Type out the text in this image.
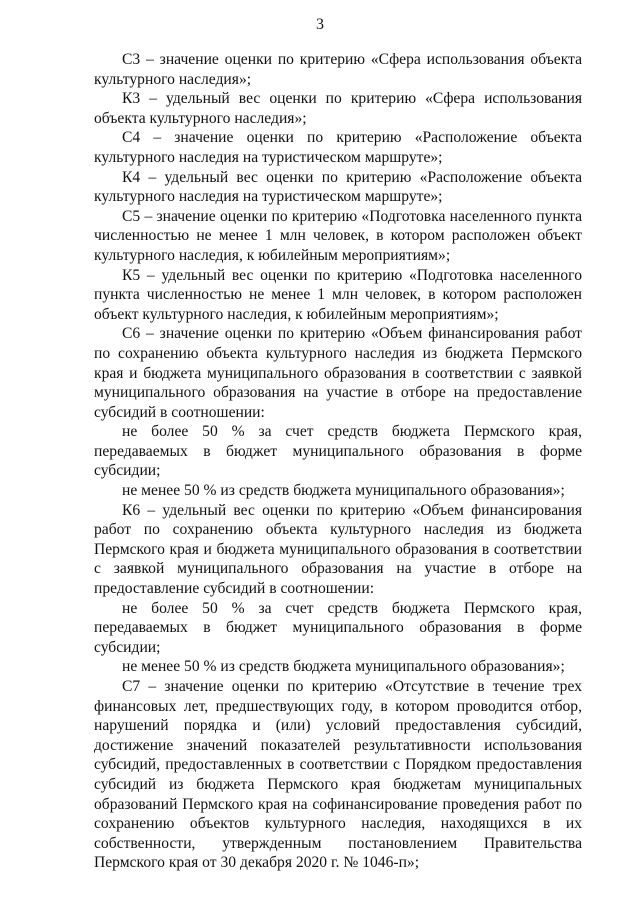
3

С3 – значение оценки по критерию «Сфера использования объекта культурного наследия»;

К3 – удельный вес оценки по критерию «Сфера использования объекта культурного наследия»;

С4 – значение оценки по критерию «Расположение объекта культурного наследия на туристическом маршруте»;

К4 – удельный вес оценки по критерию «Расположение объекта культурного наследия на туристическом маршруте»;

С5 – значение оценки по критерию «Подготовка населенного пункта численностью не менее 1 млн человек, в котором расположен объект культурного наследия, к юбилейным мероприятиям»;

К5 – удельный вес оценки по критерию «Подготовка населенного пункта численностью не менее 1 млн человек, в котором расположен объект культурного наследия, к юбилейным мероприятиям»;

С6 – значение оценки по критерию «Объем финансирования работ по сохранению объекта культурного наследия из бюджета Пермского края и бюджета муниципального образования в соответствии с заявкой муниципального образования на участие в отборе на предоставление субсидий в соотношении:

не более 50 % за счет средств бюджета Пермского края, передаваемых в бюджет муниципального образования в форме субсидии;

не менее 50 % из средств бюджета муниципального образования»;

К6 – удельный вес оценки по критерию «Объем финансирования работ по сохранению объекта культурного наследия из бюджета Пермского края и бюджета муниципального образования в соответствии с заявкой муниципального образования на участие в отборе на предоставление субсидий в соотношении:

не более 50 % за счет средств бюджета Пермского края, передаваемых в бюджет муниципального образования в форме субсидии;

не менее 50 % из средств бюджета муниципального образования»;

С7 – значение оценки по критерию «Отсутствие в течение трех финансовых лет, предшествующих году, в котором проводится отбор, нарушений порядка и (или) условий предоставления субсидий, достижение значений показателей результативности использования субсидий, предоставленных в соответствии с Порядком предоставления субсидий из бюджета Пермского края бюджетам муниципальных образований Пермского края на софинансирование проведения работ по сохранению объектов культурного наследия, находящихся в их собственности, утвержденным постановлением Правительства Пермского края от 30 декабря 2020 г. № 1046-п»;
